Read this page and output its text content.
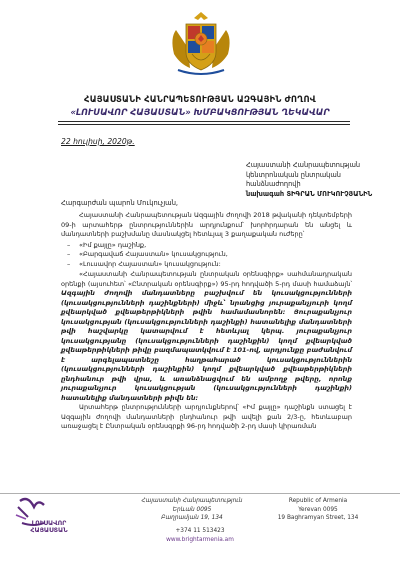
ՀԱՅԱՍՏԱՆԻ ՀԱՆՐԱՊԵՏՈՒԹՅԱՆ ԱԶԳԱՅԻՆ ԺՈՂՈՎ
«ԼՈՒՍԱՎՈՐ ՀԱՅԱՍՏԱՆ» ԽՄԲԱԿՑՈՒԹՅԱՆ ՂԵԿԱՎԱՐ
22 հուլիսի, 2020թ.
Հայաստանի Հանրապետության
կենտրոնական ընտրական հանձնաժողովի
նախագահ ՏԻԳՐԱՆ ՄՈՒԿՈՒՉՅԱՆԻՆ
Հարգարժան պարոն Մուկուչյան,

Հայաստանի Հանրապետության Ազգային ժողովի 2018 թվականի դեկտեմբերի 09-ի արտահերթ ընտրություններին արդյունքում՝ խորհրդարան են անցել և մանդատների բաշխմանը մասնակցել հետևյալ 3 քաղաքական ուժերը՝

– «Իմ քայլը» դաշինք,
– «Բարգավաճ Հայաստան» կուսակցություն,
– «Լուսավոր Հայաստան» կուսակցություն:

«Հայաստանի Հանրապետության ընտրական օրենսգիրք» սահմանադրական օրենքի (այսուհետ՝ «Ընտրական օրենսգիրք») 95-րդ հոդվածի 5-րդ մասի համաձայն՝ Ազգային ժողովի մանդատները բաշխվում են կուսակցությունների (կուսակցությունների դաշինքների) միջև՝ նրանցից յուրաքանչյուրի կողմ քվեարկված քվեաթերթիկների թվին համամասնորեն: Յուրաքանչյուր կուսակցության (կուսակցությունների դաշինքի) հատանելիք մանդատների թվի հաշվարկը կատարվում է հետևյալ կերպ. յուրաքանչյուր կուսակցությանը (կուսակցությունների դաշինքին) կողմ քվեարկված քվեաթերթիկների թիվը բազմապատկվում է 101-ով, արդյունքը բաժանվում է արգելապատնեշը հաղթահարած կուսակցություններին (կուսակցությունների դաշինքին) կողմ քվեարկված քվեաթերթիկների ընդհանուր թվի վրա, և առանձնացվում են ամբողջ թվերը, որոնք յուրաքանչյուր կուսակցության (կուսակցությունների դաշինքի) հատանելիք մանդատների թիվն են:

Արտահերթ ընտրությունների արդյունքներով՝ «Իմ քայլը» դաշինքն ստացել է Ազգային ժողովի մանդատների ընդհանուր թվի ավելի քան 2/3-ը, հետևաբար առաջացել է Ընտրական օրենսգրքի 96-րդ հոդվածի 2-րդ մասի կիրառման

ԼՈՒՍԱՎՈՐ
ՀԱՅԱՍՏԱՆ
Հայաստանի Հանրապետություն
Երևան 0095
Բաղրամյան 19, 134
Republic of Armenia
Yerevan 0095
19 Baghramyan Street, 134
+374 11 513423
www.brightarmenia.am
